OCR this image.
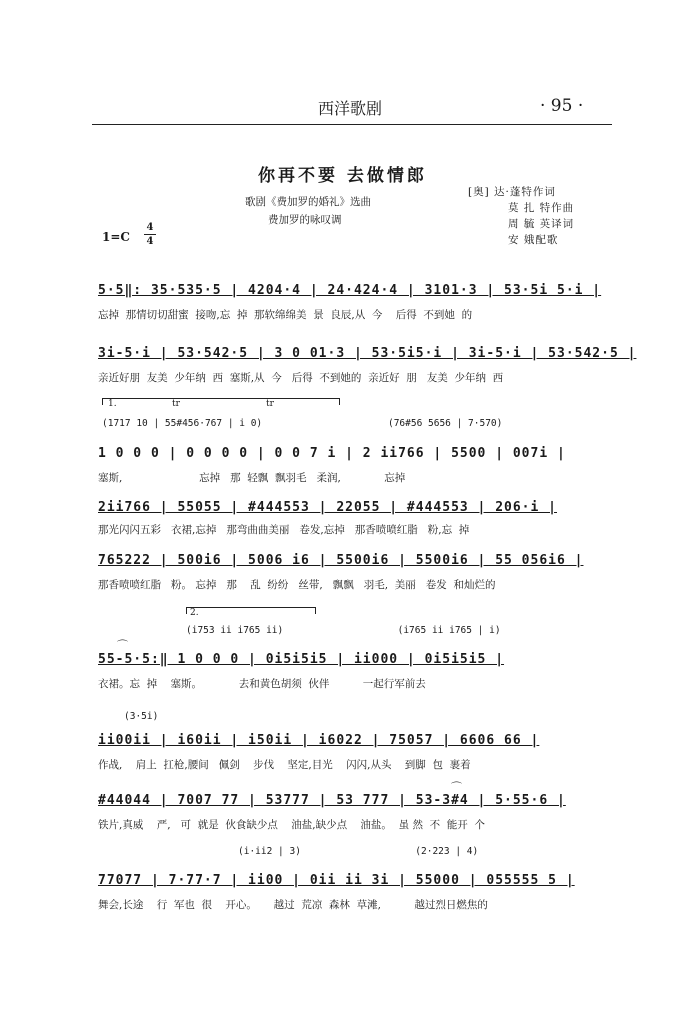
西洋歌剧	· 95 ·
你再不要 去做情郎
歌剧《费加罗的婚礼》选曲
费加罗的咏叹调
[奥] 达·蓬特作词
莫 扎 特作曲
周 毓 英译词
安 娥配歌
1=C
4
4
5·5‖: 35·535·5 | 4204·4 | 24·424·4 | 3101·3 | 53·5i 5·i |
忘掉  那情切切甜蜜  接吻,忘  掉  那软绵绵美  景  良辰,从  今    后得  不到她  的
3i-5·i | 53·542·5 | 3 0 01·3 | 53·5i5·i | 3i-5·i | 53·542·5 |
亲近好朋  友美  少年纳  西  塞斯,从  今   后得  不到她的  亲近好  朋   友美  少年纳  西
1.	tr	tr
(1717 10 | 55#456·767 | i 0)                      (76#56 5656 | 7·570)
1 0 0 0 | 0 0 0 0 | 0 0 7 i | 2 ii766 | 5500 | 007i |
塞斯,                       忘掉   那  轻飘  飘羽毛   柔润,             忘掉
2ii766 | 55055 | #444553 | 22055 | #444553 | 206·i |
那光闪闪五彩   衣裙,忘掉   那弯曲曲美丽   卷发,忘掉   那香喷喷红脂   粉,忘  掉
765222 | 500i6 | 5006 i6 | 5500i6 | 5500i6 | 55 056i6 |
那香喷喷红脂   粉。 忘掉   那    乱  纷纷   丝带,   飘飘   羽毛,  美丽   卷发  和灿烂的
2.
(i753 ii i765 ii)                    (i765 ii i765 | i)
⌒
55-5·5:‖ 1 0 0 0 | 0i5i5i5 | ii000 | 0i5i5i5 |
衣裙。忘  掉    塞斯。           去和黄色胡须  伙伴          一起行军前去
(3·5i)
ii00ii | i60ii | i50ii | i6022 | 75057 | 6606 66 |
作战,    肩上  扛枪,腰间   佩剑    步伐    坚定,目光    闪闪,从头    到脚  包  裹着
⌒
#44044 | 7007 77 | 53777 | 53 777 | 53-3#4 | 5·55·6 |
铁片,真威    严,   可  就是  伙食缺少点    油盐,缺少点    油盐。  虽 然  不  能开  个
(i·ii2 | 3)                    (2·223 | 4)
77077 | 7·77·7 | ii00 | 0ii ii 3i | 55000 | 055555 5 |
舞会,长途    行  军也  很    开心。     越过  荒凉  森林  草滩,          越过烈日燃焦的
